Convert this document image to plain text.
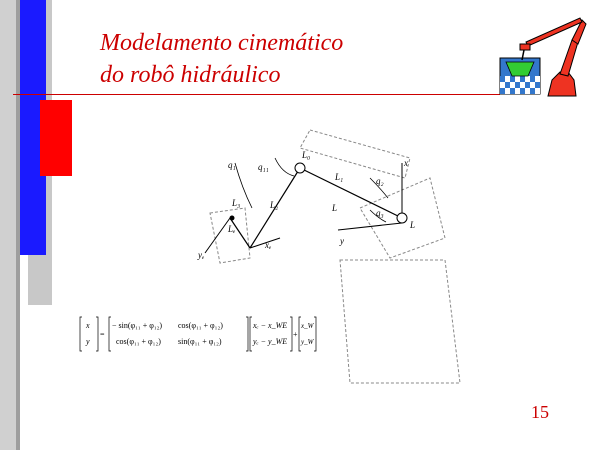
Modelamento cinemático
do robô hidráulico
q₁ q₁₁
L₀
x
L₁	q₂
L₃	L₂	L	q₃
Lₑ	L
y
xₑ
yₑ
x
y
=
− sin(φ₁₁ + φ₁₂) cos(φ₁₁ + φ₁₂)
cos(φ₁₁ + φ₁₂) sin(φ₁₁ + φ₁₂)
xₑ − x_WE
yₑ − y_WE
+
x_W
y_W
15
